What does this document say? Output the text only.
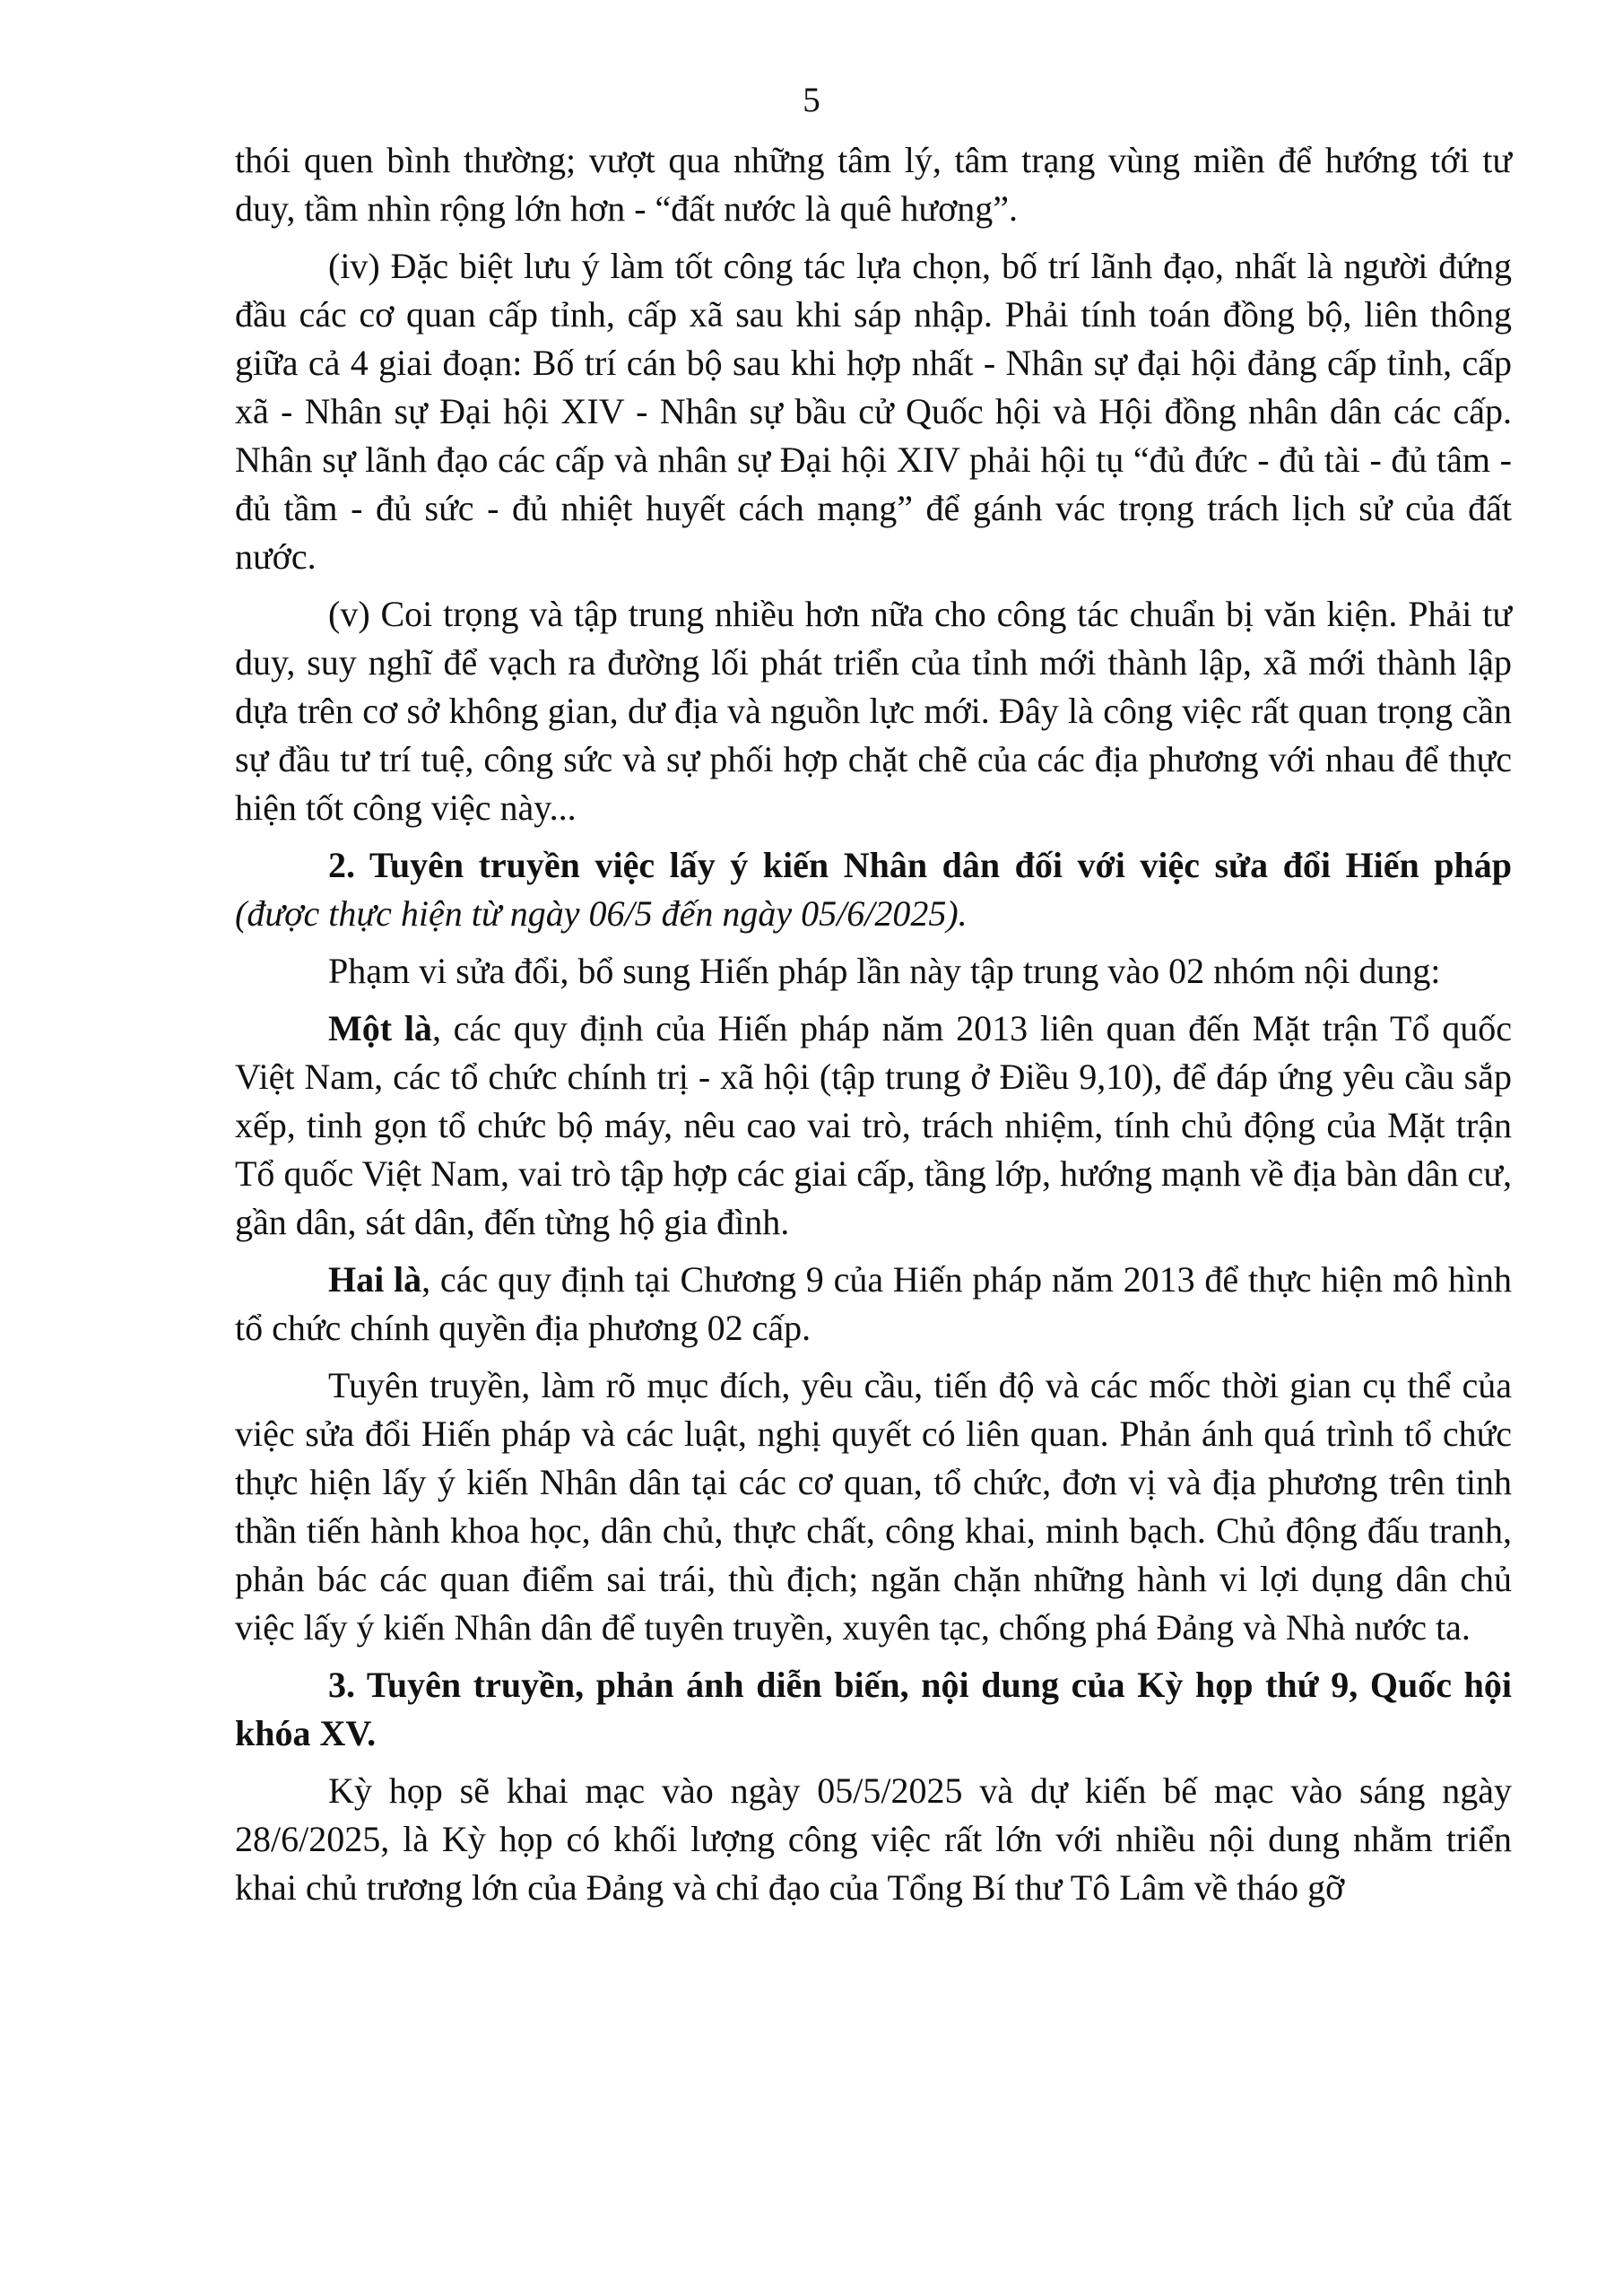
5

thói quen bình thường; vượt qua những tâm lý, tâm trạng vùng miền để hướng tới tư duy, tầm nhìn rộng lớn hơn - “đất nước là quê hương”.

(iv) Đặc biệt lưu ý làm tốt công tác lựa chọn, bố trí lãnh đạo, nhất là người đứng đầu các cơ quan cấp tỉnh, cấp xã sau khi sáp nhập. Phải tính toán đồng bộ, liên thông giữa cả 4 giai đoạn: Bố trí cán bộ sau khi hợp nhất - Nhân sự đại hội đảng cấp tỉnh, cấp xã - Nhân sự Đại hội XIV - Nhân sự bầu cử Quốc hội và Hội đồng nhân dân các cấp. Nhân sự lãnh đạo các cấp và nhân sự Đại hội XIV phải hội tụ “đủ đức - đủ tài - đủ tâm - đủ tầm - đủ sức - đủ nhiệt huyết cách mạng” để gánh vác trọng trách lịch sử của đất nước.

(v) Coi trọng và tập trung nhiều hơn nữa cho công tác chuẩn bị văn kiện. Phải tư duy, suy nghĩ để vạch ra đường lối phát triển của tỉnh mới thành lập, xã mới thành lập dựa trên cơ sở không gian, dư địa và nguồn lực mới. Đây là công việc rất quan trọng cần sự đầu tư trí tuệ, công sức và sự phối hợp chặt chẽ của các địa phương với nhau để thực hiện tốt công việc này...

2. Tuyên truyền việc lấy ý kiến Nhân dân đối với việc sửa đổi Hiến pháp (được thực hiện từ ngày 06/5 đến ngày 05/6/2025).

Phạm vi sửa đổi, bổ sung Hiến pháp lần này tập trung vào 02 nhóm nội dung:

Một là, các quy định của Hiến pháp năm 2013 liên quan đến Mặt trận Tổ quốc Việt Nam, các tổ chức chính trị - xã hội (tập trung ở Điều 9,10), để đáp ứng yêu cầu sắp xếp, tinh gọn tổ chức bộ máy, nêu cao vai trò, trách nhiệm, tính chủ động của Mặt trận Tổ quốc Việt Nam, vai trò tập hợp các giai cấp, tầng lớp, hướng mạnh về địa bàn dân cư, gần dân, sát dân, đến từng hộ gia đình.

Hai là, các quy định tại Chương 9 của Hiến pháp năm 2013 để thực hiện mô hình tổ chức chính quyền địa phương 02 cấp.

Tuyên truyền, làm rõ mục đích, yêu cầu, tiến độ và các mốc thời gian cụ thể của việc sửa đổi Hiến pháp và các luật, nghị quyết có liên quan. Phản ánh quá trình tổ chức thực hiện lấy ý kiến Nhân dân tại các cơ quan, tổ chức, đơn vị và địa phương trên tinh thần tiến hành khoa học, dân chủ, thực chất, công khai, minh bạch. Chủ động đấu tranh, phản bác các quan điểm sai trái, thù địch; ngăn chặn những hành vi lợi dụng dân chủ việc lấy ý kiến Nhân dân để tuyên truyền, xuyên tạc, chống phá Đảng và Nhà nước ta.

3. Tuyên truyền, phản ánh diễn biến, nội dung của Kỳ họp thứ 9, Quốc hội khóa XV.

Kỳ họp sẽ khai mạc vào ngày 05/5/2025 và dự kiến bế mạc vào sáng ngày 28/6/2025, là Kỳ họp có khối lượng công việc rất lớn với nhiều nội dung nhằm triển khai chủ trương lớn của Đảng và chỉ đạo của Tổng Bí thư Tô Lâm về tháo gỡ
